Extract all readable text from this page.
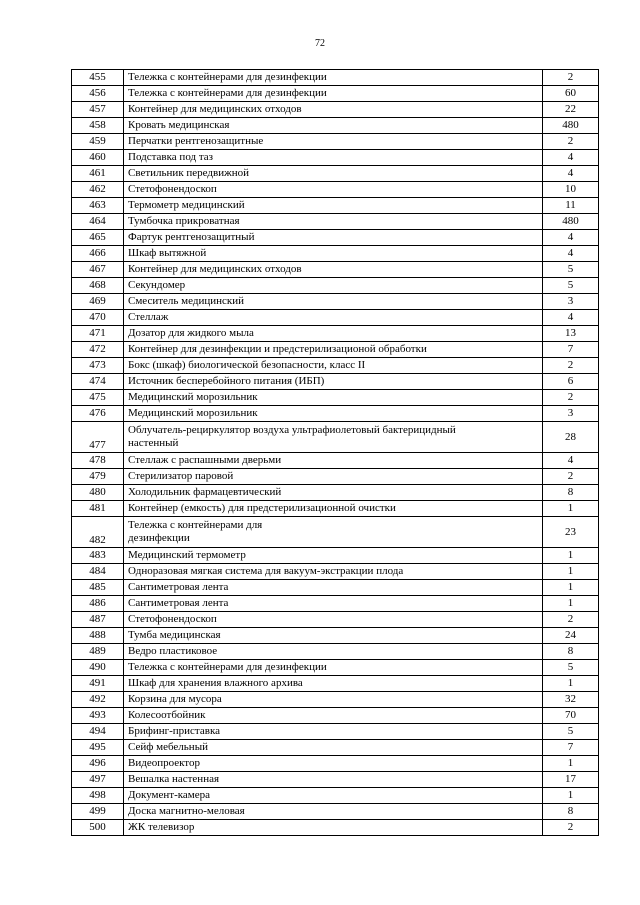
72
455	Тележка с контейнерами для дезинфекции	2
456	Тележка с контейнерами для дезинфекции	60
457	Контейнер для медицинских отходов	22
458	Кровать медицинская	480
459	Перчатки рентгенозащитные	2
460	Подставка под таз	4
461	Светильник передвижной	4
462	Стетофонендоскоп	10
463	Термометр медицинский	11
464	Тумбочка прикроватная	480
465	Фартук рентгенозащитный	4
466	Шкаф вытяжной	4
467	Контейнер для медицинских отходов	5
468	Секундомер	5
469	Смеситель медицинский	3
470	Стеллаж	4
471	Дозатор для жидкого мыла	13
472	Контейнер для дезинфекции и предстерилизационой обработки	7
473	Бокс (шкаф) биологической безопасности, класс II	2
474	Источник бесперебойного питания (ИБП)	6
475	Медицинский морозильник	2
476	Медицинский морозильник	3
477	Облучатель-рециркулятор воздуха ультрафиолетовый бактерицидный
настенный	28
478	Стеллаж с распашными дверьми	4
479	Стерилизатор паровой	2
480	Холодильник фармацевтический	8
481	Контейнер (емкость) для предстерилизационной очистки	1
482	Тележка с контейнерами для
дезинфекции	23
483	Медицинский термометр	1
484	Одноразовая мягкая система для вакуум-экстракции плода	1
485	Сантиметровая лента	1
486	Сантиметровая лента	1
487	Стетофонендоскоп	2
488	Тумба медицинская	24
489	Ведро пластиковое	8
490	Тележка с контейнерами для дезинфекции	5
491	Шкаф для хранения влажного архива	1
492	Корзина для мусора	32
493	Колесоотбойник	70
494	Брифинг-приставка	5
495	Сейф мебельный	7
496	Видеопроектор	1
497	Вешалка настенная	17
498	Документ-камера	1
499	Доска магнитно-меловая	8
500	ЖК телевизор	2
